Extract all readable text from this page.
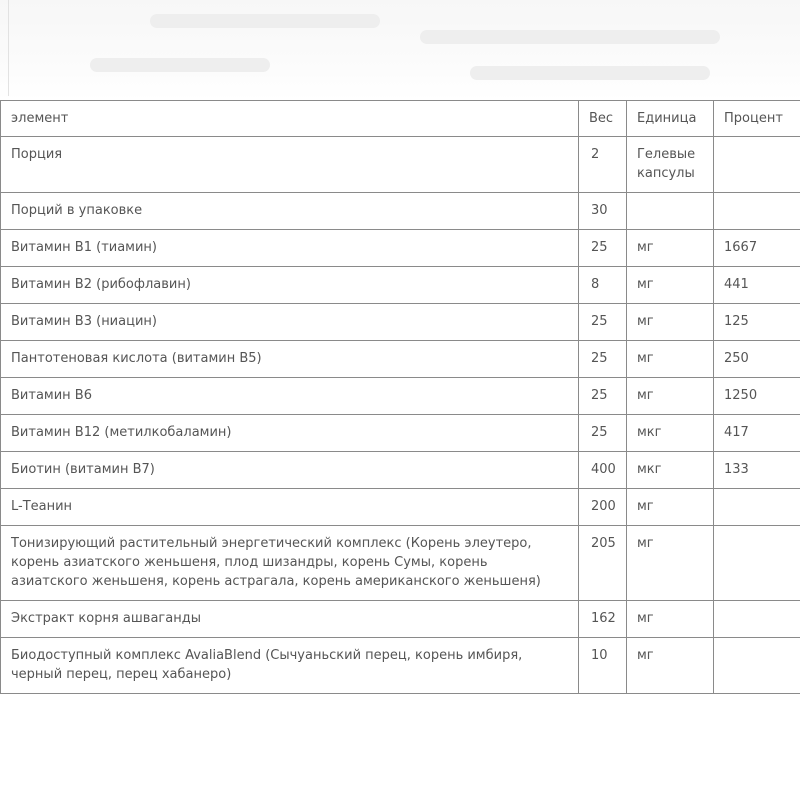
элемент	Вес	Единица	Процент
Порция	2	Гелевые капсулы	
Порций в упаковке	30		
Витамин B1 (тиамин)	25	мг	1667
Витамин B2 (рибофлавин)	8	мг	441
Витамин B3 (ниацин)	25	мг	125
Пантотеновая кислота (витамин B5)	25	мг	250
Витамин B6	25	мг	1250
Витамин B12 (метилкобаламин)	25	мкг	417
Биотин (витамин B7)	400	мкг	133
L-Теанин	200	мг	
Тонизирующий растительный энергетический комплекс (Корень элеутеро, корень азиатского женьшеня, плод шизандры, корень Сумы, корень азиатского женьшеня, корень астрагала, корень американского женьшеня)	205	мг	
Экстракт корня ашваганды	162	мг	
Биодоступный комплекс AvaliaBlend (Сычуаньский перец, корень имбиря, черный перец, перец хабанеро)	10	мг	
